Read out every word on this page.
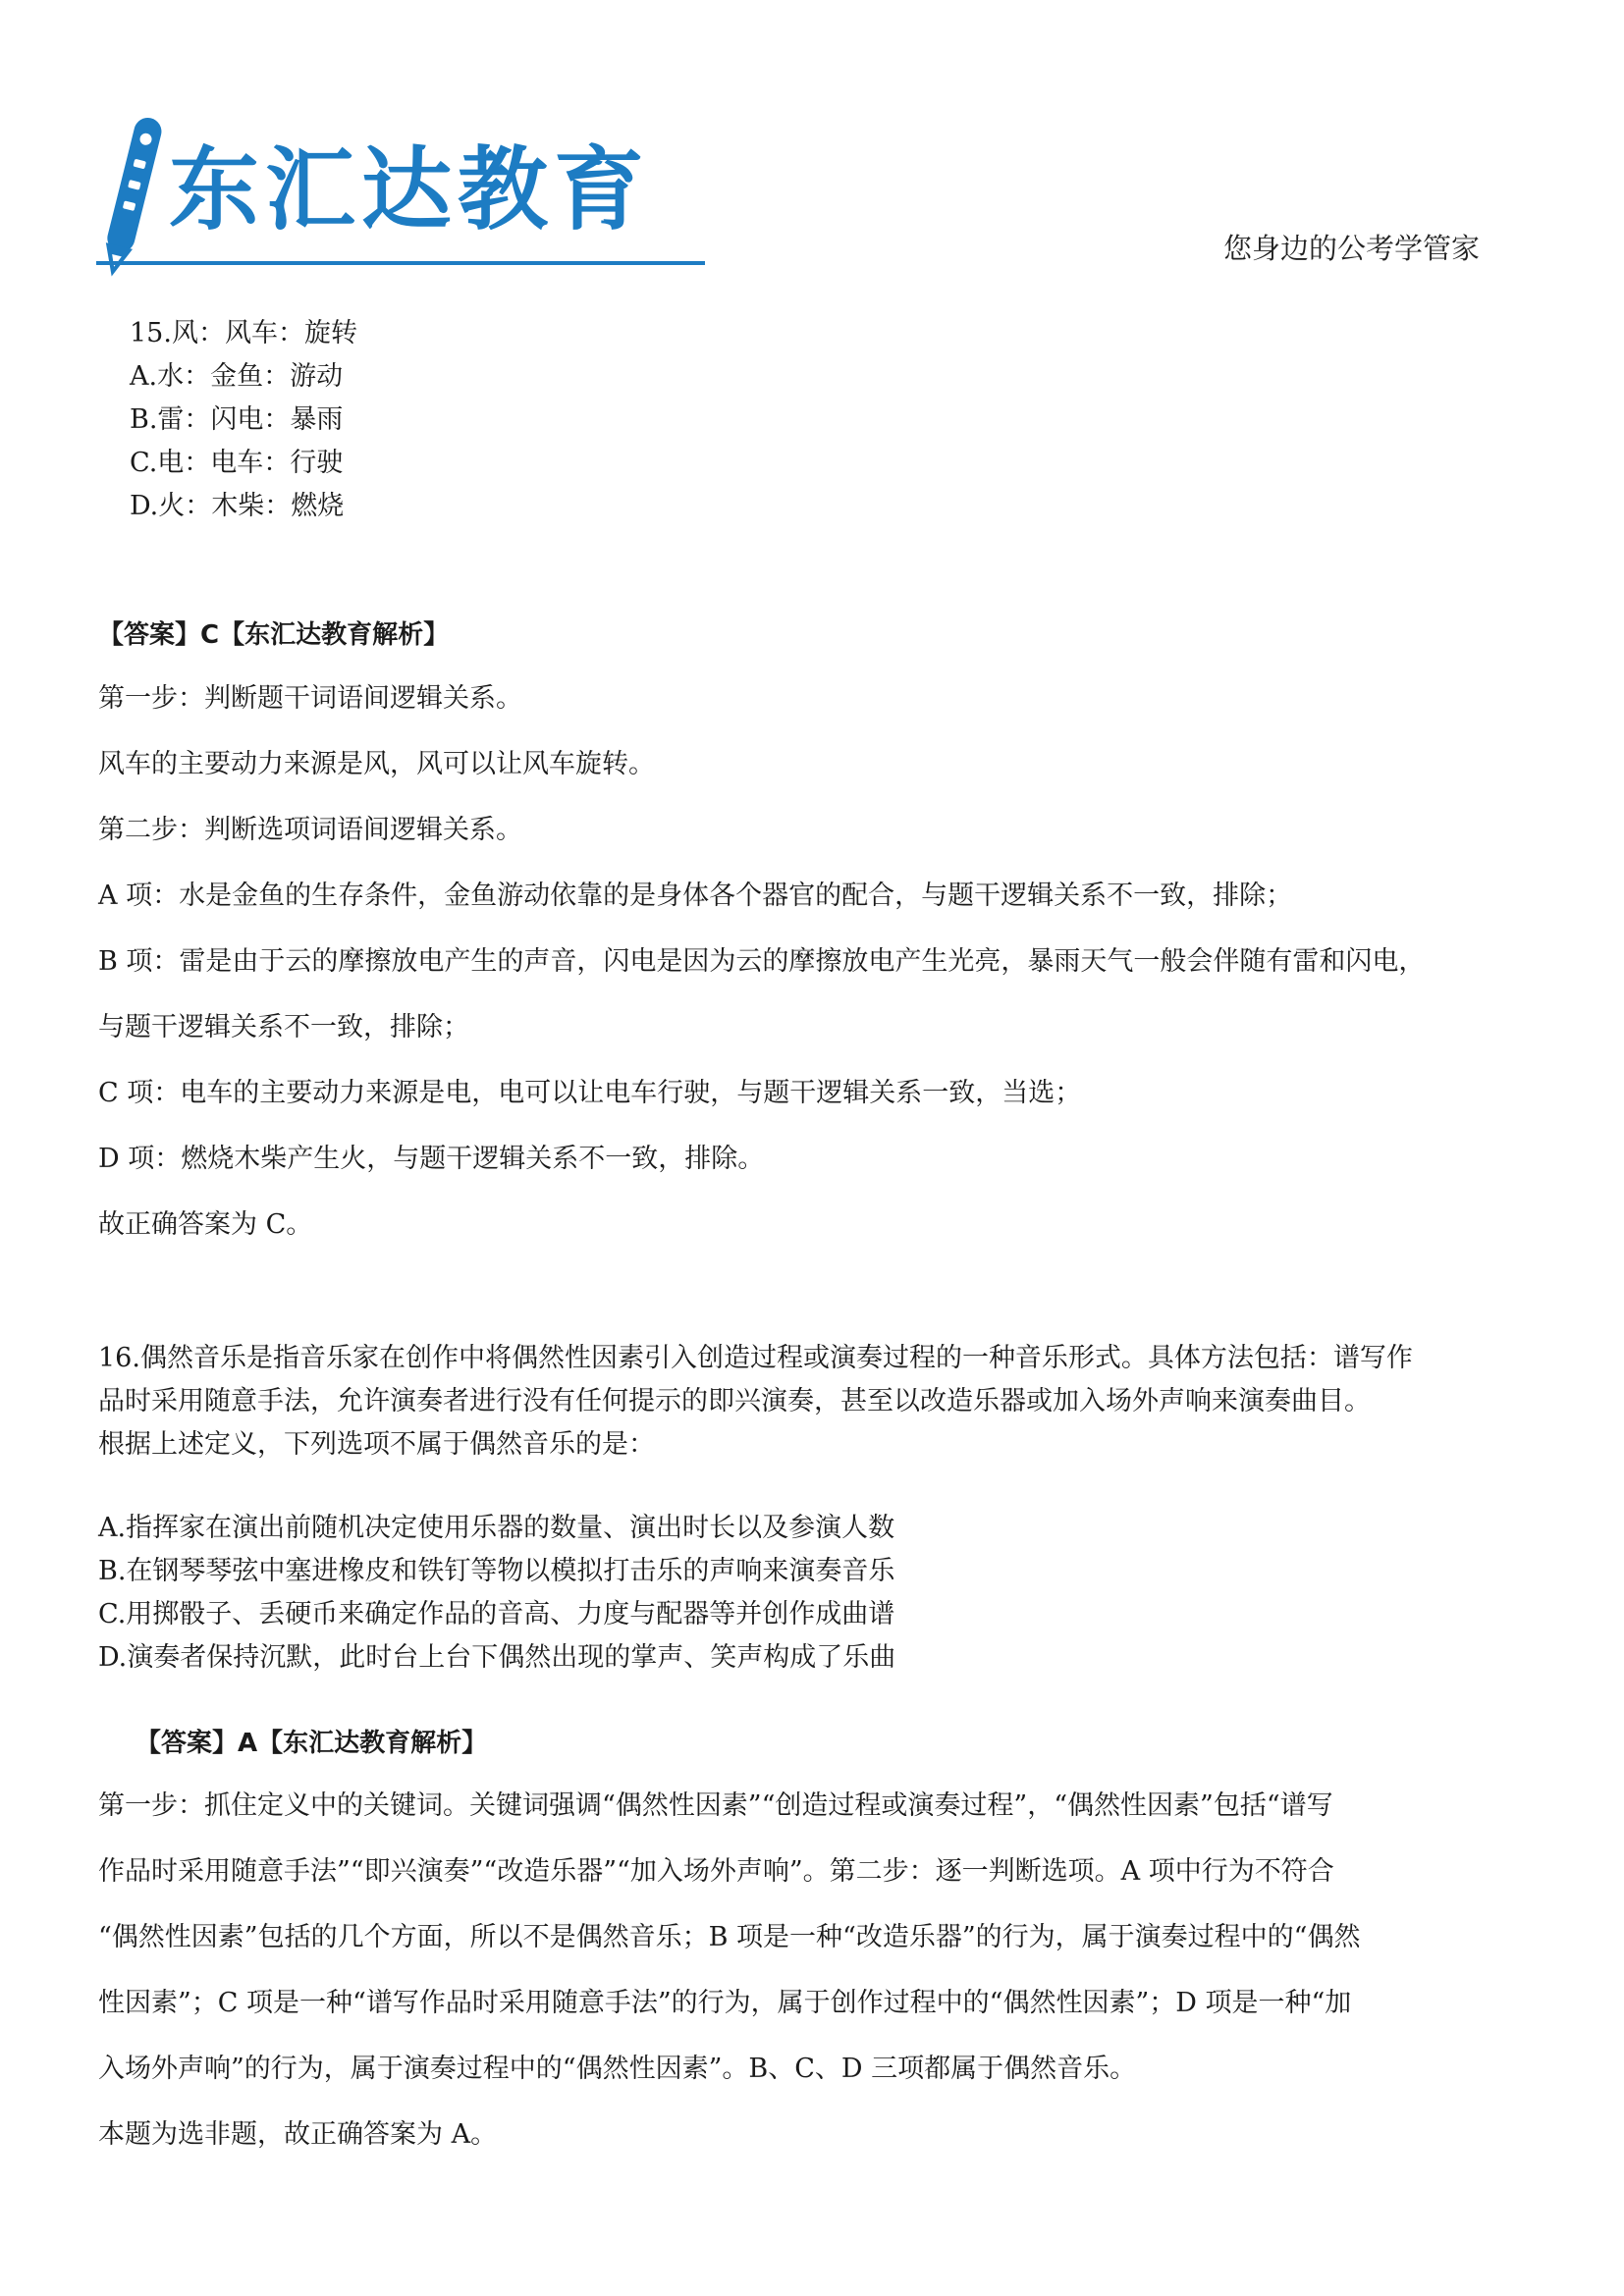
东汇达教育
您身边的公考学管家
15.风：风车：旋转
A.水：金鱼：游动
B.雷：闪电：暴雨
C.电：电车：行驶
D.火：木柴：燃烧
【答案】C【东汇达教育解析】
第一步：判断题干词语间逻辑关系。
风车的主要动力来源是风，风可以让风车旋转。
第二步：判断选项词语间逻辑关系。
A 项：水是金鱼的生存条件，金鱼游动依靠的是身体各个器官的配合，与题干逻辑关系不一致，排除；
B 项：雷是由于云的摩擦放电产生的声音，闪电是因为云的摩擦放电产生光亮，暴雨天气一般会伴随有雷和闪电，
与题干逻辑关系不一致，排除；
C 项：电车的主要动力来源是电，电可以让电车行驶，与题干逻辑关系一致，当选；
D 项：燃烧木柴产生火，与题干逻辑关系不一致，排除。
故正确答案为 C。
16.偶然音乐是指音乐家在创作中将偶然性因素引入创造过程或演奏过程的一种音乐形式。具体方法包括：谱写作
品时采用随意手法，允许演奏者进行没有任何提示的即兴演奏，甚至以改造乐器或加入场外声响来演奏曲目。
根据上述定义，下列选项不属于偶然音乐的是：
A.指挥家在演出前随机决定使用乐器的数量、演出时长以及参演人数
B.在钢琴琴弦中塞进橡皮和铁钉等物以模拟打击乐的声响来演奏音乐
C.用掷骰子、丢硬币来确定作品的音高、力度与配器等并创作成曲谱
D.演奏者保持沉默，此时台上台下偶然出现的掌声、笑声构成了乐曲
【答案】A【东汇达教育解析】
第一步：抓住定义中的关键词。关键词强调“偶然性因素”“创造过程或演奏过程”，“偶然性因素”包括“谱写
作品时采用随意手法”“即兴演奏”“改造乐器”“加入场外声响”。第二步：逐一判断选项。A 项中行为不符合
“偶然性因素”包括的几个方面，所以不是偶然音乐；B 项是一种“改造乐器”的行为，属于演奏过程中的“偶然
性因素”；C 项是一种“谱写作品时采用随意手法”的行为，属于创作过程中的“偶然性因素”；D 项是一种“加
入场外声响”的行为，属于演奏过程中的“偶然性因素”。B、C、D 三项都属于偶然音乐。
本题为选非题，故正确答案为 A。
